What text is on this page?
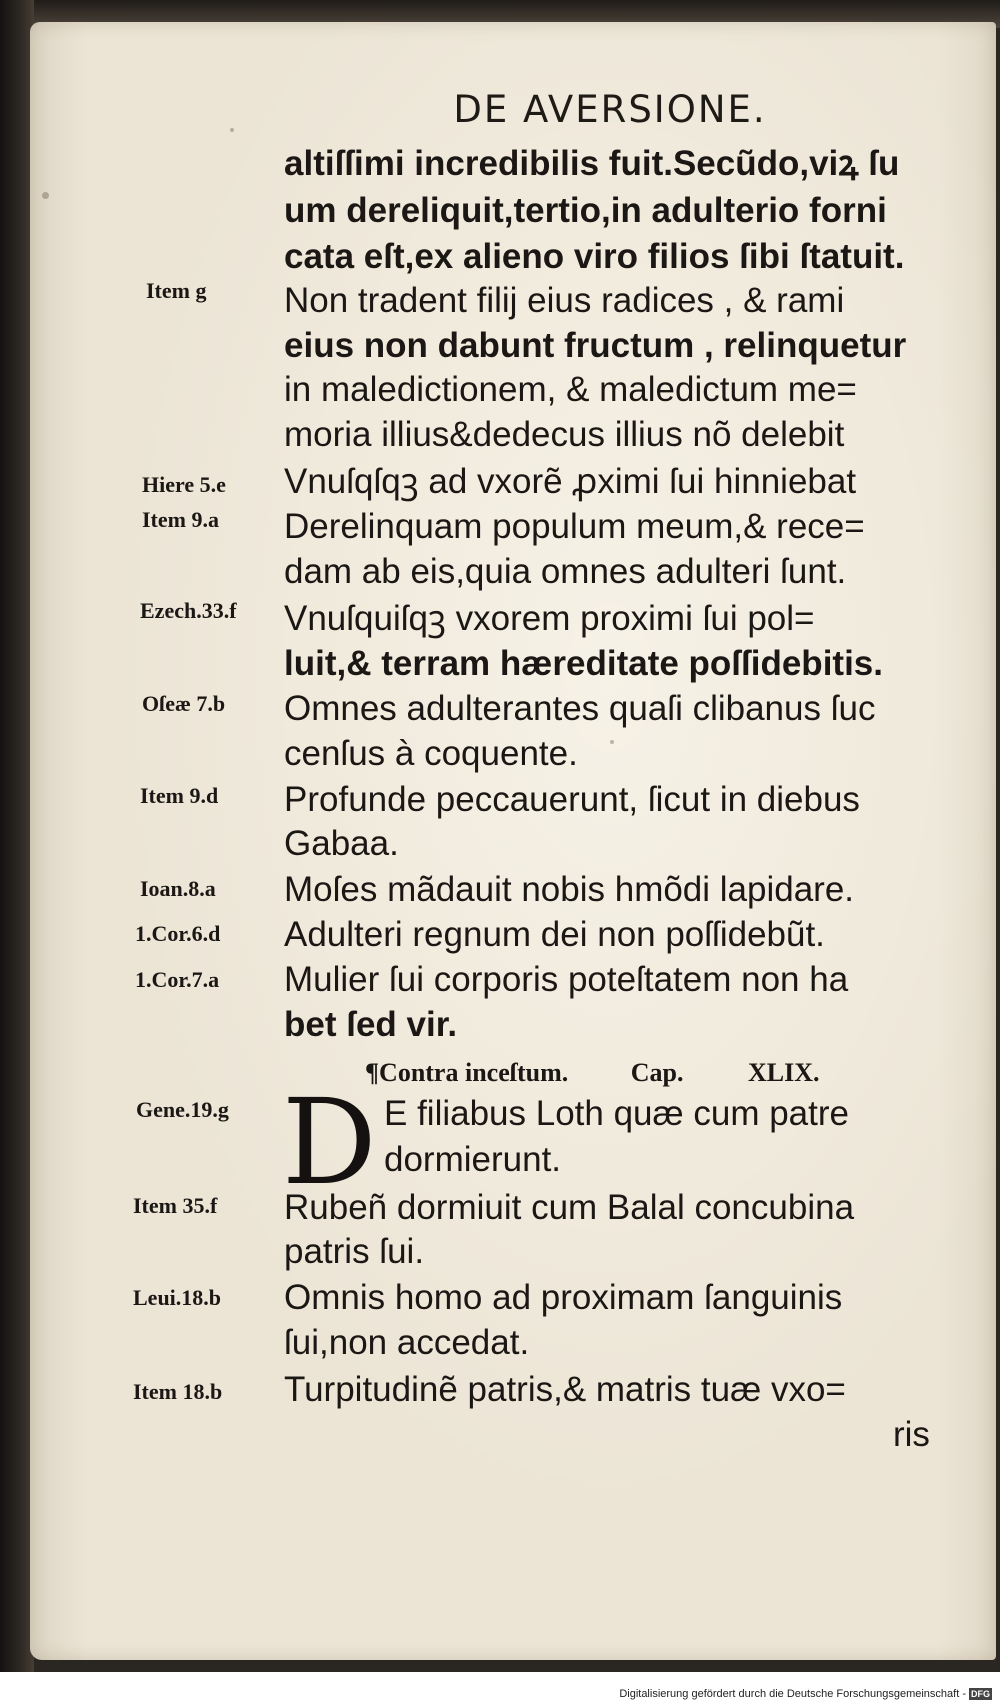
DE AVERSIONE.
altiſſimi incredibilis fuit.Secũdo,viꝝ ſu
um dereliquit,tertio,in adulterio forni
cata eſt,ex alieno viro filios ſibi ſtatuit.
Non tradent filij eius radices , & rami
eius non dabunt fructum , relinquetur
in maledictionem, & maledictum me=
moria illius&dedecus illius nõ delebit
Vnuſqſqꝫ ad vxorẽ ꝓximi ſui hinniebat
Derelinquam populum meum,& rece=
dam ab eis,quia omnes adulteri ſunt.
Vnuſquiſqꝫ vxorem proximi ſui pol=
luit,& terram hæreditate poſſidebitis.
Omnes adulterantes quaſi clibanus ſuc
cenſus à coquente.
Profunde peccauerunt, ſicut in diebus
Gabaa.
Moſes mãdauit nobis hmõdi lapidare.
Adulteri regnum dei non poſſidebũt.
Mulier ſui corporis poteſtatem non ha
bet ſed vir.
¶Contra inceſtum. Cap. XLIX.
D E filiabus Loth quæ cum patre
dormierunt.
Rubeñ dormiuit cum Balal concubina
patris ſui.
Omnis homo ad proximam ſanguinis
ſui,non accedat.
Turpitudinẽ patris,& matris tuæ vxo=
ris
Item g
Hiere 5.e
Item 9.a
Ezech.33.f
Oſeæ 7.b
Item 9.d
Ioan.8.a
1.Cor.6.d
1.Cor.7.a
Gene.19.g
Item 35.f
Leui.18.b
Item 18.b
Digitalisierung gefördert durch die Deutsche Forschungsgemeinschaft - DFG
